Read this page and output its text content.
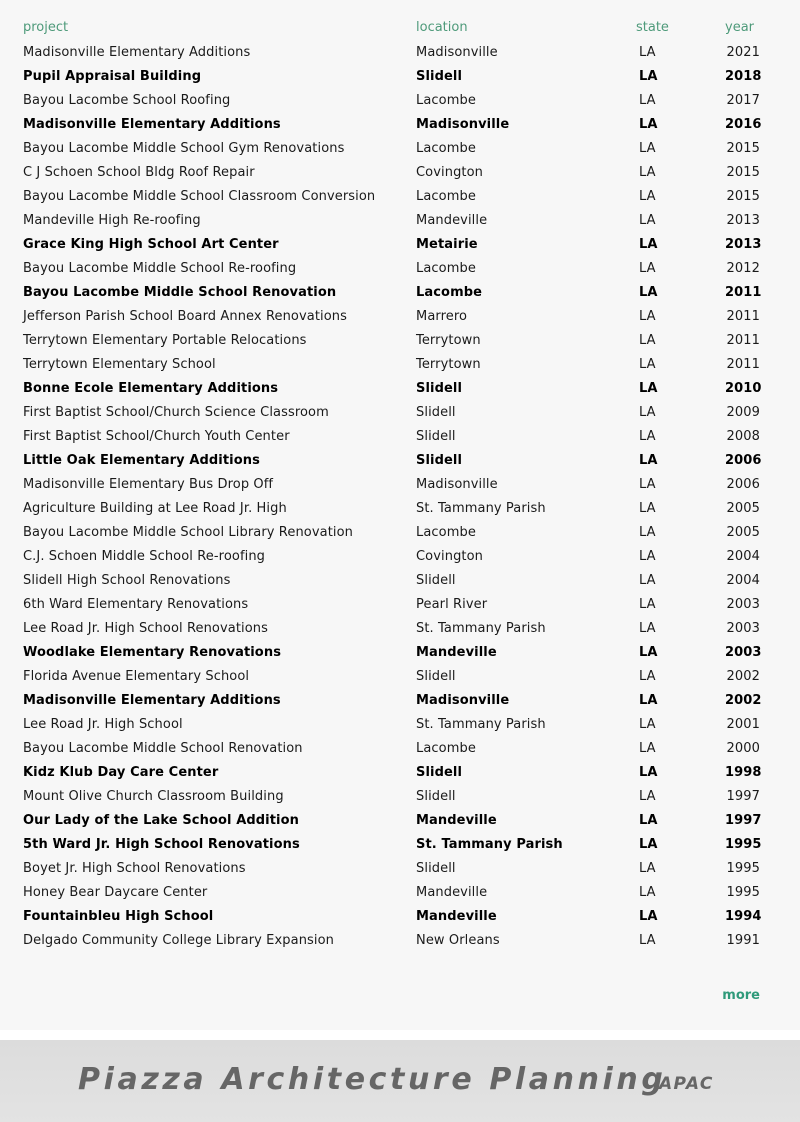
	project	location	state	year
	Madisonville Elementary Additions	Madisonville	LA	2021
	Pupil Appraisal Building	Slidell	LA	2018
	Bayou Lacombe School Roofing	Lacombe	LA	2017
	Madisonville Elementary Additions	Madisonville	LA	2016
	Bayou Lacombe Middle School Gym Renovations	Lacombe	LA	2015
	C J Schoen School Bldg Roof Repair	Covington	LA	2015
	Bayou Lacombe Middle School Classroom Conversion	Lacombe	LA	2015
	Mandeville High Re-roofing	Mandeville	LA	2013
	Grace King High School Art Center	Metairie	LA	2013
	Bayou Lacombe Middle School Re-roofing	Lacombe	LA	2012
	Bayou Lacombe Middle School Renovation	Lacombe	LA	2011
	Jefferson Parish School Board Annex Renovations	Marrero	LA	2011
	Terrytown Elementary Portable Relocations	Terrytown	LA	2011
	Terrytown Elementary School	Terrytown	LA	2011
	Bonne Ecole Elementary Additions	Slidell	LA	2010
	First Baptist School/Church Science Classroom	Slidell	LA	2009
	First Baptist School/Church Youth Center	Slidell	LA	2008
	Little Oak Elementary Additions	Slidell	LA	2006
	Madisonville Elementary Bus Drop Off	Madisonville	LA	2006
	Agriculture Building at Lee Road Jr. High	St. Tammany Parish	LA	2005
	Bayou Lacombe Middle School Library Renovation	Lacombe	LA	2005
	C.J. Schoen Middle School Re-roofing	Covington	LA	2004
	Slidell High School Renovations	Slidell	LA	2004
	6th Ward Elementary Renovations	Pearl River	LA	2003
	Lee Road Jr. High School Renovations	St. Tammany Parish	LA	2003
	Woodlake Elementary Renovations	Mandeville	LA	2003
	Florida Avenue Elementary School	Slidell	LA	2002
	Madisonville Elementary Additions	Madisonville	LA	2002
	Lee Road Jr. High School	St. Tammany Parish	LA	2001
	Bayou Lacombe Middle School Renovation	Lacombe	LA	2000
	Kidz Klub Day Care Center	Slidell	LA	1998
	Mount Olive Church Classroom Building	Slidell	LA	1997
	Our Lady of the Lake School Addition	Mandeville	LA	1997
	5th Ward Jr. High School Renovations	St. Tammany Parish	LA	1995
	Boyet Jr. High School Renovations	Slidell	LA	1995
	Honey Bear Daycare Center	Mandeville	LA	1995
	Fountainbleu High School	Mandeville	LA	1994
	Delgado Community College Library Expansion	New Orleans	LA	1991
more
Piazza Architecture Planning
APAC
